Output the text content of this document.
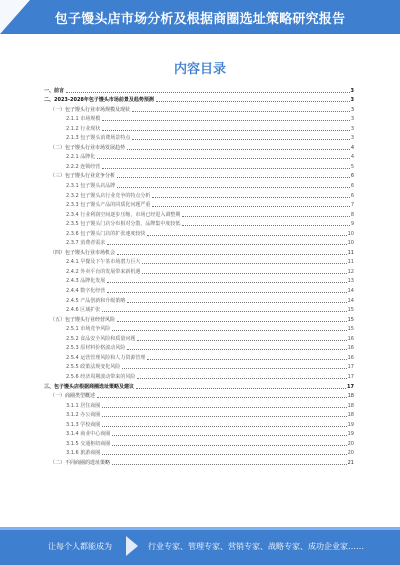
包子馒头店市场分析及根据商圈选址策略研究报告
内容目录
一、前言	3
二、2023-2028年包子馒头市场前景及趋势预测	3
（一）包子馒头行业市场规模及现状	3
2.1.1 市场规模	3
2.1.2 行业现状	3
2.1.3 包子馒头消费场景特点	3
（二）包子馒头行业市场发展趋势	4
2.2.1 品牌化	4
2.2.2 连锁经营	5
（三）包子馒头行业竞争分析	6
2.3.1 包子馒头店品牌	6
2.3.2 包子馒头店行业竞争的特点分析	6
2.3.3 包子馒头产品的同质化问题严重	7
2.3.4 行业利润空间逐步压缩，市场已经进入调整期	8
2.3.5 包子馒头门店分布相对分散，品牌集中度较低	9
2.3.6 包子馒头门店的扩张速度较快	10
2.3.7 消费者需求	10
（四）包子馒头行业市场机会	11
2.4.1 早餐及下午茶市场潜力巨大	11
2.4.2 外卖平台的发展带来新机遇	12
2.4.3 品牌化发展	13
2.4.4 数字化经营	14
2.4.5 产品创新和升级策略	14
2.4.6 区域扩张	15
（五）包子馒头行业经营风险	15
2.5.1 市场竞争风险	15
2.5.2 食品安全风险和质量问题	16
2.5.3 原材料价格波动风险	16
2.5.4 运营管理风险和人力资源管理	16
2.5.5 政策法规变化风险	17
2.5.6 经济周期波动带来的风险	17
三、包子馒头店根据商圈选址策略及建议	17
（一）商圈类型概述	18
3.1.1 居住商圈	18
3.1.2 办公商圈	18
3.1.3 学校商圈	19
3.1.4 商业中心商圈	19
3.1.5 交通枢纽商圈	20
3.1.6 旅游商圈	20
（二）不同商圈的选址策略	21
让每个人都能成为	行业专家、管理专家、营销专家、战略专家、成功企业家……
